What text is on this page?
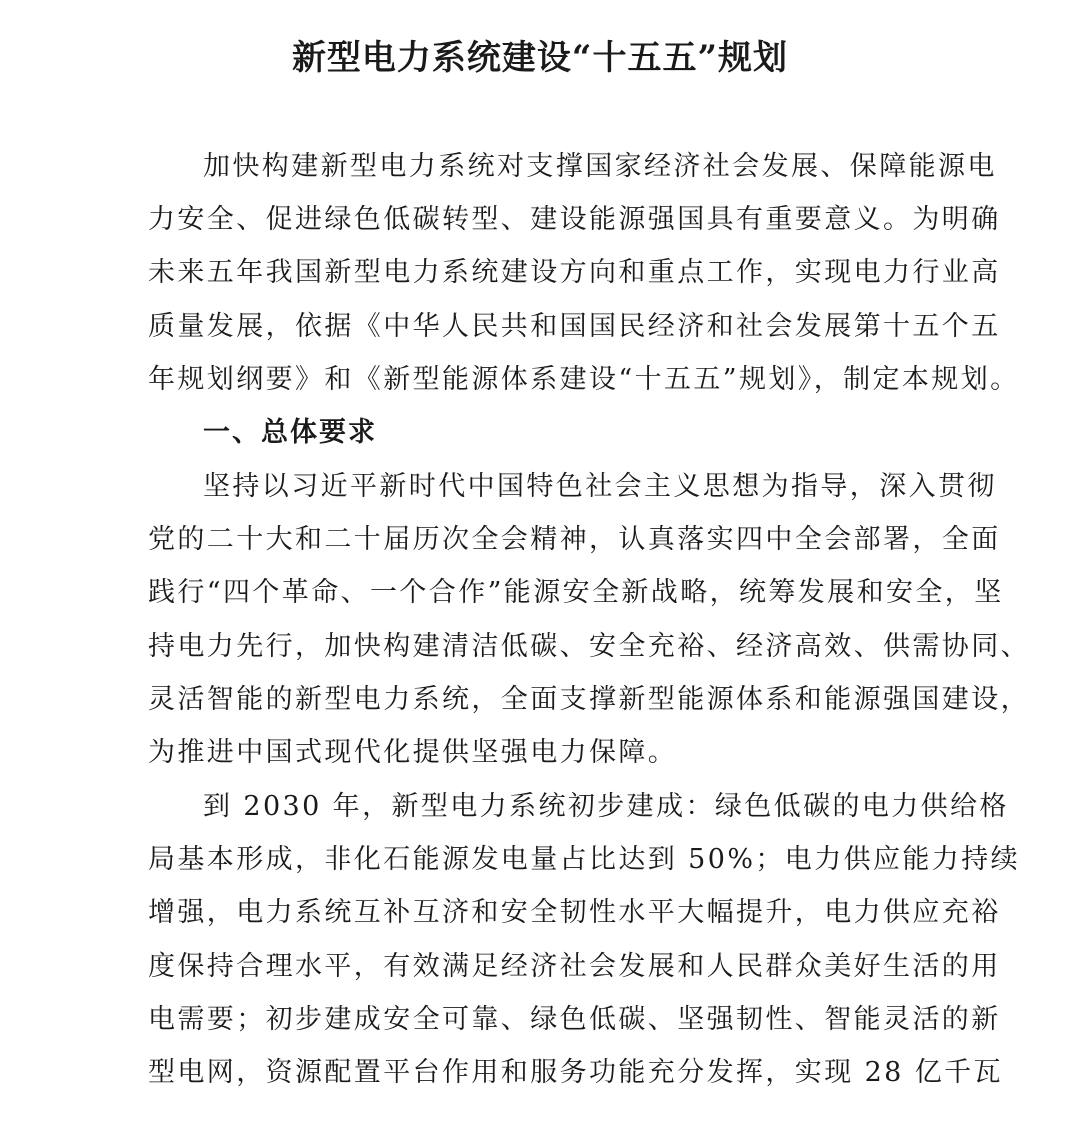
新型电力系统建设“十五五”规划
加快构建新型电力系统对支撑国家经济社会发展、保障能源电
力安全、促进绿色低碳转型、建设能源强国具有重要意义。为明确
未来五年我国新型电力系统建设方向和重点工作，实现电力行业高
质量发展，依据《中华人民共和国国民经济和社会发展第十五个五
年规划纲要》和《新型能源体系建设“十五五”规划》，制定本规划。
一、总体要求
坚持以习近平新时代中国特色社会主义思想为指导，深入贯彻
党的二十大和二十届历次全会精神，认真落实四中全会部署，全面
践行“四个革命、一个合作”能源安全新战略，统筹发展和安全，坚
持电力先行，加快构建清洁低碳、安全充裕、经济高效、供需协同、
灵活智能的新型电力系统，全面支撑新型能源体系和能源强国建设，
为推进中国式现代化提供坚强电力保障。
到 2030 年，新型电力系统初步建成：绿色低碳的电力供给格
局基本形成，非化石能源发电量占比达到 50%；电力供应能力持续
增强，电力系统互补互济和安全韧性水平大幅提升，电力供应充裕
度保持合理水平，有效满足经济社会发展和人民群众美好生活的用
电需要；初步建成安全可靠、绿色低碳、坚强韧性、智能灵活的新
型电网，资源配置平台作用和服务功能充分发挥，实现 28 亿千瓦
